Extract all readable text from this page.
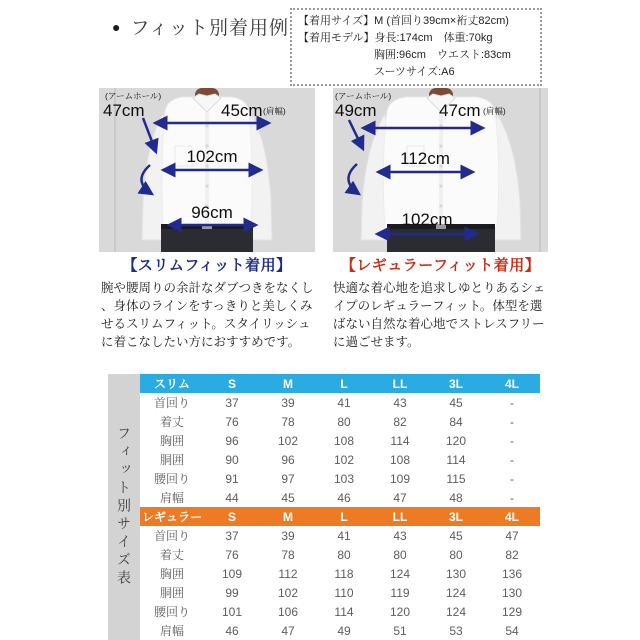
● フィット別着用例 【着用サイズ】 M (首回り39cm×裄丈82cm)
【着用モデル】 身長:174cm　体重:70kg
胸囲:96cm　ウエスト:83cm
スーツサイズ:A6
(アームホール)
47cm	45cm (肩幅)
102cm
96cm
(アームホール)
49cm	47cm (肩幅)
112cm
102cm
【スリムフィット着用】	【レギュラーフィット着用】
腕や腰周りの余計なダブつきをなくし、身体のラインをすっきりと美しくみせるスリムフィット。スタイリッシュに着こなしたい方におすすめです。
快適な着心地を追求しゆとりあるシェイプのレギュラーフィット。体型を選ばない自然な着心地でストレスフリーに過ごせます。
フィット別サイズ表
スリム	S	M	L	LL	3L	4L
首回り	37	39	41	43	45	-
着丈	76	78	80	82	84	-
胸囲	96	102	108	114	120	-
胴囲	90	96	102	108	114	-
腰回り	91	97	103	109	115	-
肩幅	44	45	46	47	48	-
レギュラー	S	M	L	LL	3L	4L
首回り	37	39	41	43	45	47
着丈	76	78	80	80	80	82
胸囲	109	112	118	124	130	136
胴囲	99	102	110	119	124	130
腰回り	101	106	114	120	124	129
肩幅	46	47	49	51	53	54
